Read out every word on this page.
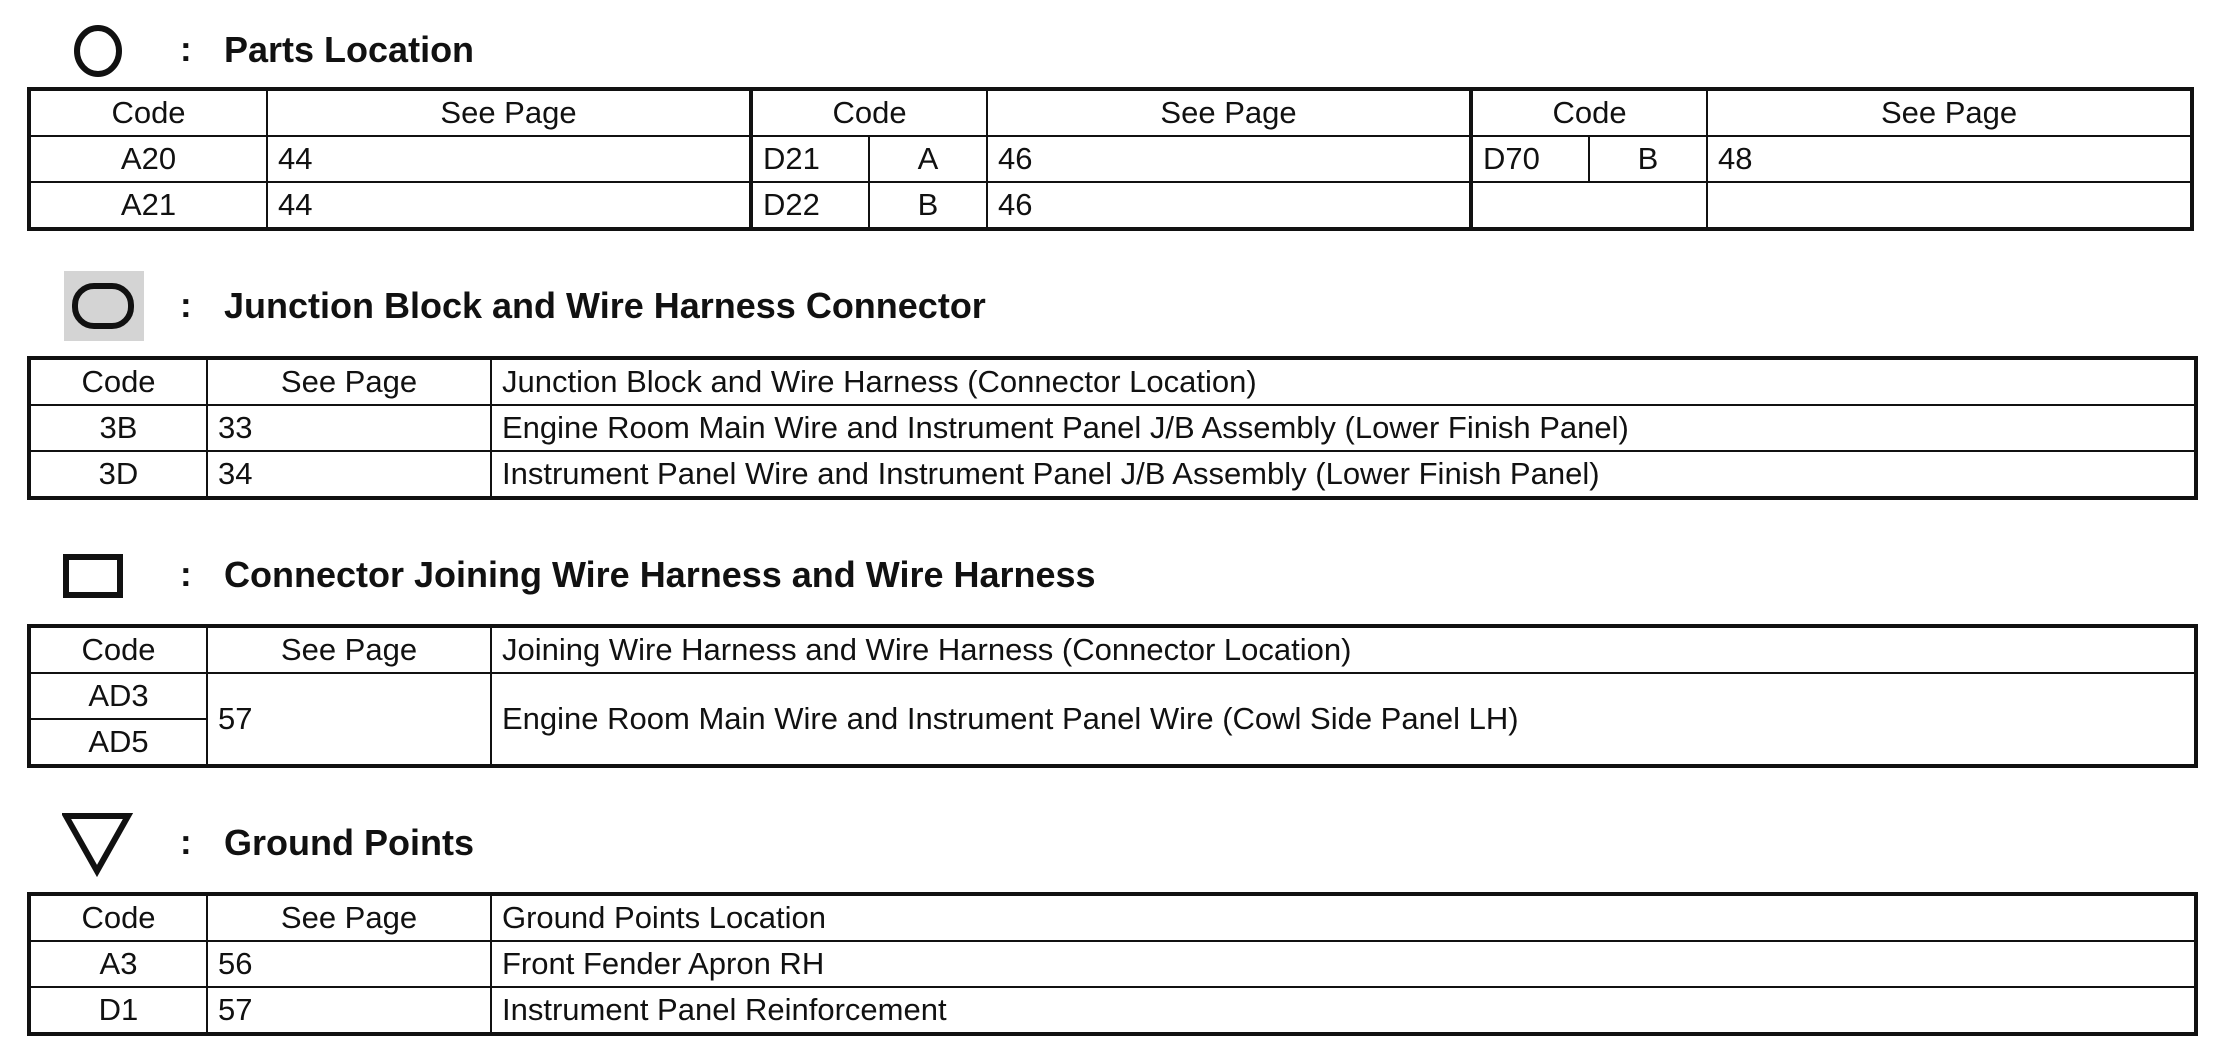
: Parts Location
Code	See Page	Code		See Page	Code		See Page
A20	44	D21	A	46	D70	B	48
A21	44	D22	B	46			
: Junction Block and Wire Harness Connector
Code	See Page	Junction Block and Wire Harness (Connector Location)
3B	33	Engine Room Main Wire and Instrument Panel J/B Assembly (Lower Finish Panel)
3D	34	Instrument Panel Wire and Instrument Panel J/B Assembly (Lower Finish Panel)
: Connector Joining Wire Harness and Wire Harness
Code	See Page	Joining Wire Harness and Wire Harness (Connector Location)
AD3	57	Engine Room Main Wire and Instrument Panel Wire (Cowl Side Panel LH)
AD5		
: Ground Points
Code	See Page	Ground Points Location
A3	56	Front Fender Apron RH
D1	57	Instrument Panel Reinforcement
